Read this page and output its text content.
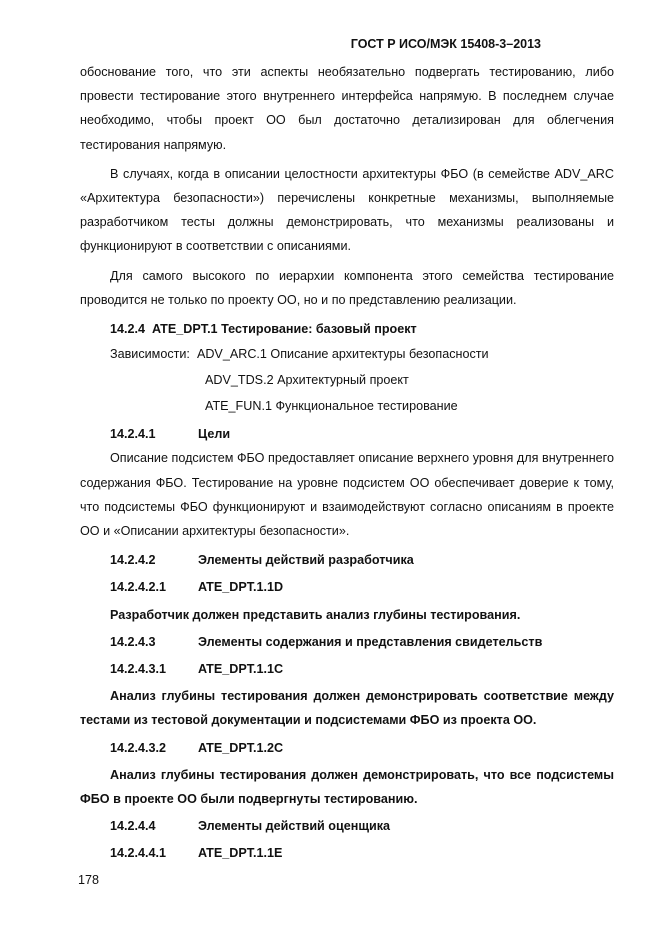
ГОСТ Р ИСО/МЭК 15408-3–2013

обоснование того, что эти аспекты необязательно подвергать тестированию, либо провести тестирование этого внутреннего интерфейса напрямую. В последнем случае необходимо, чтобы проект ОО был достаточно детализирован для облегчения тестирования напрямую.

В случаях, когда в описании целостности архитектуры ФБО (в семействе ADV_ARC «Архитектура безопасности») перечислены конкретные механизмы, выполняемые разработчиком тесты должны демонстрировать, что механизмы реализованы и функционируют в соответствии с описаниями.

Для самого высокого по иерархии компонента этого семейства тестирование проводится не только по проекту ОО, но и по представлению реализации.

14.2.4 ATE_DPT.1 Тестирование: базовый проект

Зависимости: ADV_ARC.1 Описание архитектуры безопасности
ADV_TDS.2 Архитектурный проект
ATE_FUN.1 Функциональное тестирование

14.2.4.1	Цели

Описание подсистем ФБО предоставляет описание верхнего уровня для внутреннего содержания ФБО. Тестирование на уровне подсистем ОО обеспечивает доверие к тому, что подсистемы ФБО функционируют и взаимодействуют согласно описаниям в проекте ОО и «Описании архитектуры безопасности».

14.2.4.2	Элементы действий разработчика

14.2.4.2.1	ATE_DPT.1.1D

Разработчик должен представить анализ глубины тестирования.

14.2.4.3	Элементы содержания и представления свидетельств

14.2.4.3.1	ATE_DPT.1.1C

Анализ глубины тестирования должен демонстрировать соответствие между тестами из тестовой документации и подсистемами ФБО из проекта ОО.

14.2.4.3.2	ATE_DPT.1.2C

Анализ глубины тестирования должен демонстрировать, что все подсистемы ФБО в проекте ОО были подвергнуты тестированию.

14.2.4.4	Элементы действий оценщика

14.2.4.4.1	ATE_DPT.1.1E

178
